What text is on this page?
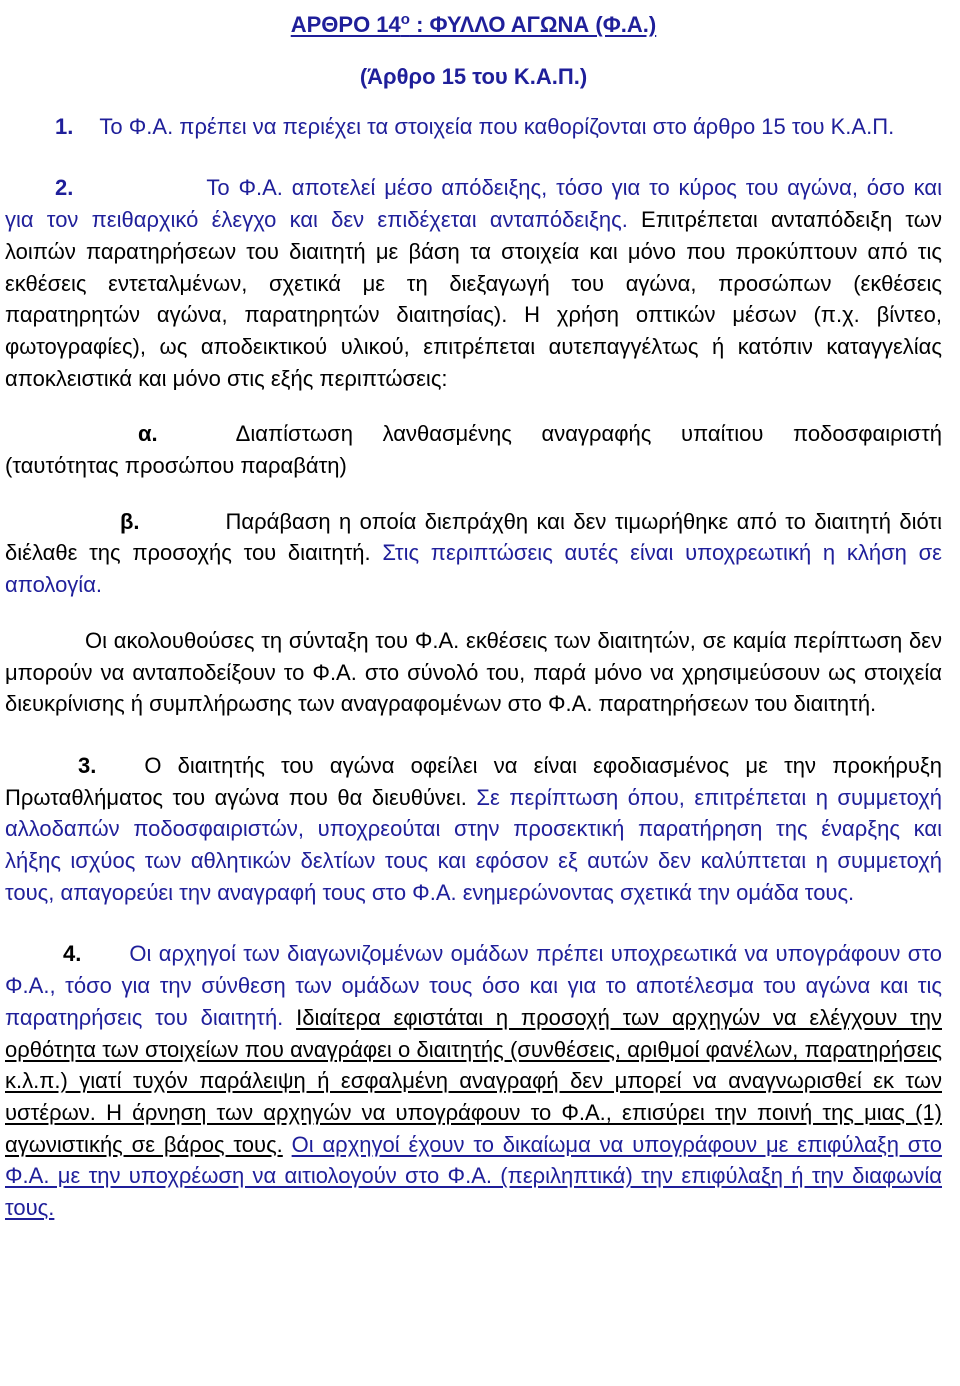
ΑΡΘΡΟ $14^o$ : ΦΥΛΛΟ ΑΓΩΝΑ (Φ.Α.)
(Άρθρο 15 του Κ.Α.Π.)

1. Το Φ.Α. πρέπει να περιέχει τα στοιχεία που καθορίζονται στο άρθρο 15 του Κ.Α.Π.

2.	Το Φ.Α. αποτελεί μέσο απόδειξης, τόσο για το κύρος του αγώνα, όσο και για τον πειθαρχικό έλεγχο και δεν επιδέχεται ανταπόδειξης. Επιτρέπεται ανταπόδειξη των λοιπών παρατηρήσεων του διαιτητή με βάση τα στοιχεία και μόνο που προκύπτουν από τις εκθέσεις εντεταλμένων, σχετικά με τη διεξαγωγή του αγώνα, προσώπων (εκθέσεις παρατηρητών αγώνα, παρατηρητών διαιτησίας). Η χρήση οπτικών μέσων (π.χ. βίντεο, φωτογραφίες), ως αποδεικτικού υλικού, επιτρέπεται αυτεπαγγέλτως ή κατόπιν καταγγελίας αποκλειστικά και μόνο στις εξής περιπτώσεις:

α.	Διαπίστωση λανθασμένης αναγραφής υπαίτιου ποδοσφαιριστή (ταυτότητας προσώπου παραβάτη)

β.	Παράβαση η οποία διεπράχθη και δεν τιμωρήθηκε από το διαιτητή διότι διέλαθε της προσοχής του διαιτητή. Στις περιπτώσεις αυτές είναι υποχρεωτική η κλήση σε απολογία.

Οι ακολουθούσες τη σύνταξη του Φ.Α. εκθέσεις των διαιτητών, σε καμία περίπτωση δεν μπορούν να ανταποδείξουν το Φ.Α. στο σύνολό του, παρά μόνο να χρησιμεύσουν ως στοιχεία διευκρίνισης ή συμπλήρωσης των αναγραφομένων στο Φ.Α. παρατηρήσεων του διαιτητή.

3. Ο διαιτητής του αγώνα οφείλει να είναι εφοδιασμένος με την προκήρυξη Πρωταθλήματος του αγώνα που θα διευθύνει. Σε περίπτωση όπου, επιτρέπεται η συμμετοχή αλλοδαπών ποδοσφαιριστών, υποχρεούται στην προσεκτική παρατήρηση της έναρξης και λήξης ισχύος των αθλητικών δελτίων τους και εφόσον εξ αυτών δεν καλύπτεται η συμμετοχή τους, απαγορεύει την αναγραφή τους στο Φ.Α. ενημερώνοντας σχετικά την ομάδα τους.

4. Οι αρχηγοί των διαγωνιζομένων ομάδων πρέπει υποχρεωτικά να υπογράφουν στο Φ.Α., τόσο για την σύνθεση των ομάδων τους όσο και για το αποτέλεσμα του αγώνα και τις παρατηρήσεις του διαιτητή. Ιδιαίτερα εφιστάται η προσοχή των αρχηγών να ελέγχουν την ορθότητα των στοιχείων που αναγράφει ο διαιτητής (συνθέσεις, αριθμοί φανέλων, παρατηρήσεις κ.λ.π.) γιατί τυχόν παράλειψη ή εσφαλμένη αναγραφή δεν μπορεί να αναγνωρισθεί εκ των υστέρων. Η άρνηση των αρχηγών να υπογράφουν το Φ.Α., επισύρει την ποινή της μιας (1) αγωνιστικής σε βάρος τους. Οι αρχηγοί έχουν το δικαίωμα να υπογράφουν με επιφύλαξη στο Φ.Α. με την υποχρέωση να αιτιολογούν στο Φ.Α. (περιληπτικά) την επιφύλαξη ή την διαφωνία τους.
